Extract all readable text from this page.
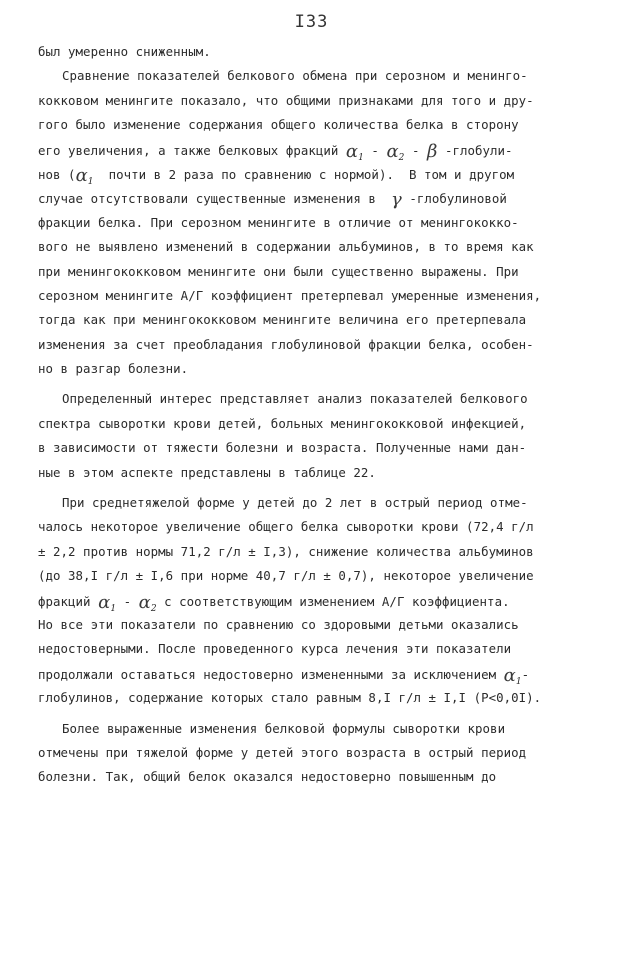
I33
был умеренно сниженным.
Сравнение показателей белкового обмена при серозном и менинго-
кокковом менингите показало, что общими признаками для того и дру-
гого было изменение содержания общего количества белка в сторону
его увеличения, а также белковых фракций $\alpha_1 - \alpha_2$ - β -глобули-
нов ($\alpha_1$ почти в 2 раза по сравнению с нормой).  В том и другом
случае отсутствовали существенные изменения в γ -глобулиновой
фракции белка. При серозном менингите в отличие от менингококко-
вого не выявлено изменений в содержании альбуминов, в то время как
при менингококковом менингите они были существенно выражены. При
серозном менингите А/Г коэффициент претерпевал умеренные изменения,
тогда как при менингококковом менингите величина его претерпевала
изменения за счет преобладания глобулиновой фракции белка, особен-
но в разгар болезни.
Определенный интерес представляет анализ показателей белкового
спектра сыворотки крови детей, больных менингококковой инфекцией,
в зависимости от тяжести болезни и возраста. Полученные нами дан-
ные в этом аспекте представлены в таблице 22.
При среднетяжелой форме у детей до 2 лет в острый период отме-
чалось некоторое увеличение общего белка сыворотки крови (72,4 г/л
± 2,2 против нормы 71,2 г/л ± I,3), снижение количества альбуминов
(до 38,I г/л ± I,6 при норме 40,7 г/л ± 0,7), некоторое увеличение
фракций $\alpha_1 - \alpha_2$ с соответствующим изменением А/Г коэффициента.
Но все эти показатели по сравнению со здоровыми детьми оказались
недостоверными. После проведенного курса лечения эти показатели
продолжали оставаться недостоверно измененными за исключением $\alpha_1-$
глобулинов, содержание которых стало равным 8,I г/л ± I,I (Р<0,0I).
Более выраженные изменения белковой формулы сыворотки крови
отмечены при тяжелой форме у детей этого возраста в острый период
болезни. Так, общий белок оказался недостоверно повышенным до
